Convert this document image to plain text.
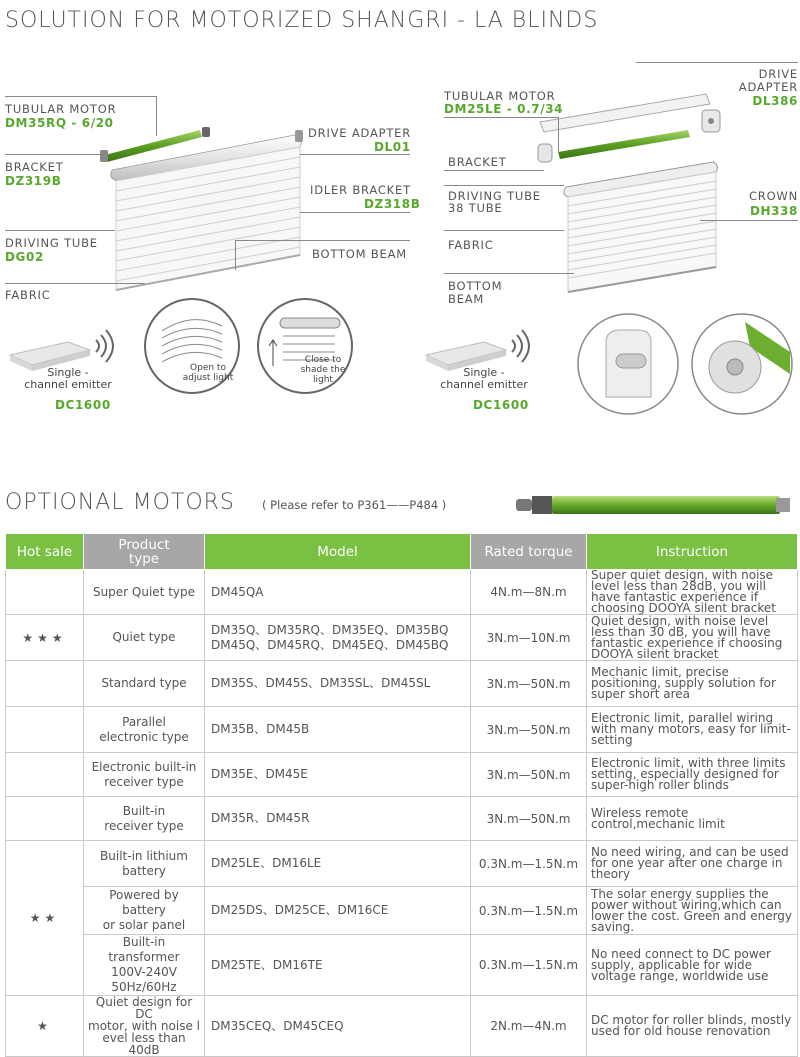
SOLUTION FOR MOTORIZED SHANGRI - LA BLINDS
TUBULAR MOTOR
DM35RQ - 6/20
BRACKET
DZ319B
DRIVING TUBE
DG02
FABRIC
DRIVE ADAPTER
DL01
IDLER BRACKET
DZ318B
BOTTOM BEAM
Single -
channel emitter
DC1600
Open to
adjust light
Close to
shade the
light
TUBULAR MOTOR
DM25LE - 0.7/34
DRIVE
ADAPTER
DL386
BRACKET
DRIVING TUBE
38 TUBE
CROWN
DH338
FABRIC
BOTTOM
BEAM
Single -
channel emitter
DC1600
OPTIONAL MOTORS ( Please refer to P361——P484 )
Hot sale	Product
type	Model	Rated torque	Instruction
	Super Quiet type	DM45QA	4N.m—8N.m	Super quiet design, with noise level less than 28dB, you will have fantastic experience if choosing DOOYA silent bracket
★★★	Quiet type	DM35Q、DM35RQ、DM35EQ、DM35BQ
DM45Q、DM45RQ、DM45EQ、DM45BQ	3N.m—10N.m	Quiet design, with noise level less than 30 dB, you will have fantastic experience if choosing DOOYA silent bracket
	Standard type	DM35S、DM45S、DM35SL、DM45SL	3N.m—50N.m	Mechanic limit, precise positioning, supply solution for super short area
	Parallel
electronic type	DM35B、DM45B	3N.m—50N.m	Electronic limit, parallel wiring with many motors, easy for limit-setting
	Electronic built-in
receiver type	DM35E、DM45E	3N.m—50N.m	Electronic limit, with three limits setting, especially designed for super-high roller blinds
	Built-in
receiver type	DM35R、DM45R	3N.m—50N.m	Wireless remote control,mechanic limit
★★	Built-in lithium
battery	DM25LE、DM16LE	0.3N.m—1.5N.m	No need wiring, and can be used for one year after one charge in theory
	Powered by battery
or solar panel	DM25DS、DM25CE、DM16CE	0.3N.m—1.5N.m	The solar energy supplies the power without wiring,which can lower the cost. Green and energy saving.
	Built-in transformer
100V-240V
50Hz/60Hz	DM25TE、DM16TE	0.3N.m—1.5N.m	No need connect to DC power supply, applicable for wide voltage range, worldwide use
★	Quiet design for DC
motor, with noise l
evel less than 40dB	DM35CEQ、DM45CEQ	2N.m—4N.m	DC motor for roller blinds, mostly used for old house renovation
